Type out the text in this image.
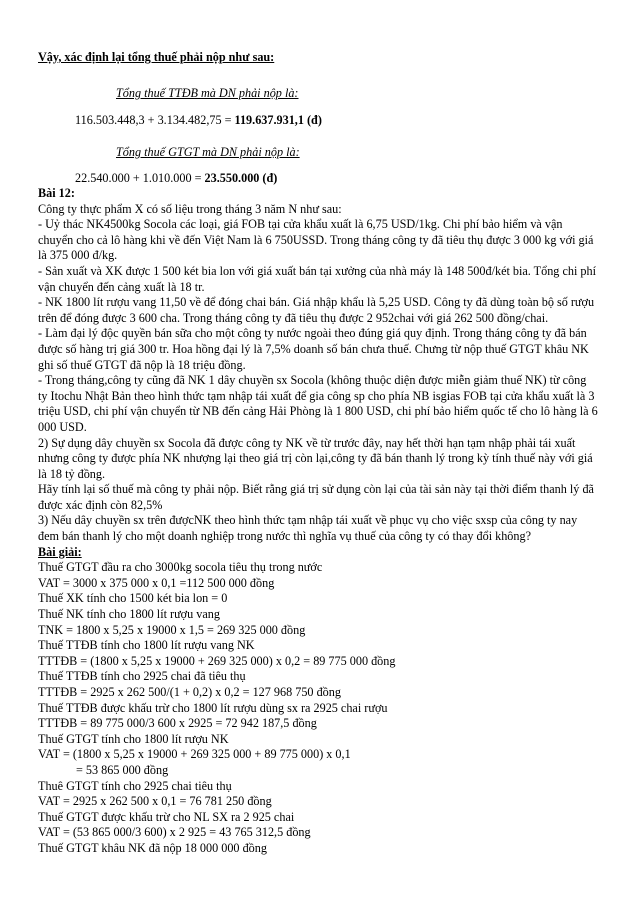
Vậy, xác định lại tổng thuế phải nộp như sau:
Tổng thuế TTĐB mà DN phải nộp là:
116.503.448,3 + 3.134.482,75 = 119.637.931,1 (đ)
Tổng thuế GTGT mà DN phải nộp là:
22.540.000 + 1.010.000 = 23.550.000 (đ)
Bài 12:
Công ty thực phẩm X có số liệu trong tháng 3 năm N như sau:
- Uỷ thác NK4500kg Socola các loại, giá FOB tại cửa khẩu xuất là 6,75 USD/1kg. Chi phí bảo hiểm và vận chuyển cho cả lô hàng khi về đến Việt Nam là 6 750USSD. Trong tháng công ty đã tiêu thụ được 3 000 kg với giá là 375 000 đ/kg.
- Sản xuất và XK được 1 500 két bia lon với giá xuất bán tại xưởng của nhà máy là 148 500đ/két bia. Tổng chi phí vận chuyển đến cảng xuất là 18 tr.
- NK 1800 lít rượu vang 11,50 về để đóng chai bán. Giá nhập khẩu là 5,25 USD. Công ty đã dùng toàn bộ số rượu trên để đóng được 3 600 cha. Trong tháng công ty đã tiêu thụ được 2 952chai với giá 262 500 đồng/chai.
- Làm đại lý độc quyền bán sữa cho một công ty nước ngoài theo đúng giá quy định. Trong tháng công ty đã bán được số hàng trị giá 300 tr. Hoa hồng đại lý là 7,5% doanh số bán chưa thuế. Chưng từ nộp thuế GTGT khâu NK ghi số thuế GTGT đã nộp là 18 triệu đồng.
- Trong tháng,công ty cũng đã NK 1 dây chuyền sx Socola (không thuộc diện được miễn giảm thuế NK) từ công ty Itochu Nhật Bản theo hình thức tạm nhập tái xuất để gia công sp cho phía NB isgias FOB tại cửa khẩu xuất là 3 triệu USD, chi phí vận chuyển từ NB đến cảng Hải Phòng là 1 800 USD, chi phí bảo hiểm quốc tế cho lô hàng là 6 000 USD.
2) Sự dụng dây chuyền sx Socola đã được công ty NK về từ trước đây, nay hết thời hạn tạm nhập phải tái xuất nhưng công ty được phía NK nhượng lại theo giá trị còn lại,công ty đã bán thanh lý trong kỳ tính thuế này với giá là 18 tỷ đồng.
Hãy tính lại số thuế mà công ty phải nộp. Biết rằng giá trị sử dụng còn lại của tài sản này tại thời điểm thanh lý đã được xác định còn 82,5%
3) Nếu dây chuyền sx trên đượcNK theo hình thức tạm nhập tái xuất về phục vụ cho việc sxsp của công ty nay đem bán thanh lý cho một doanh nghiệp trong nước thì nghĩa vụ thuế của công ty có thay đổi không?
Bài giải:
Thuế GTGT đầu ra cho 3000kg socola tiêu thụ trong nước
VAT = 3000 x 375 000 x 0,1 =112 500 000 đồng
Thuế XK tính cho 1500 két bia lon = 0
Thuế NK tính cho 1800 lít rượu vang
TNK = 1800 x 5,25 x 19000 x 1,5 = 269 325 000 đồng
Thuế TTĐB tính cho 1800 lít rượu vang NK
TTTĐB = (1800 x 5,25 x 19000 + 269 325 000) x 0,2 = 89 775 000 đồng
Thuế TTĐB tính cho 2925 chai đã tiêu thụ
TTTĐB = 2925 x 262 500/(1 + 0,2) x 0,2 = 127 968 750 đồng
Thuế TTĐB được khấu trừ cho 1800 lít rượu dùng sx ra 2925 chai rượu
TTTĐB = 89 775 000/3 600 x 2925 = 72 942 187,5 đồng
Thuế GTGT tính cho 1800 lít rượu NK
VAT = (1800 x 5,25 x 19000 + 269 325 000 + 89 775 000) x 0,1
= 53 865 000 đồng
Thuê GTGT tính cho 2925 chai tiêu thụ
VAT = 2925 x 262 500 x 0,1 = 76 781 250 đồng
Thuế GTGT được khấu trừ cho NL SX ra 2 925 chai
VAT = (53 865 000/3 600) x 2 925 = 43 765 312,5 đồng
Thuế GTGT khâu NK đã nộp 18 000 000 đồng
